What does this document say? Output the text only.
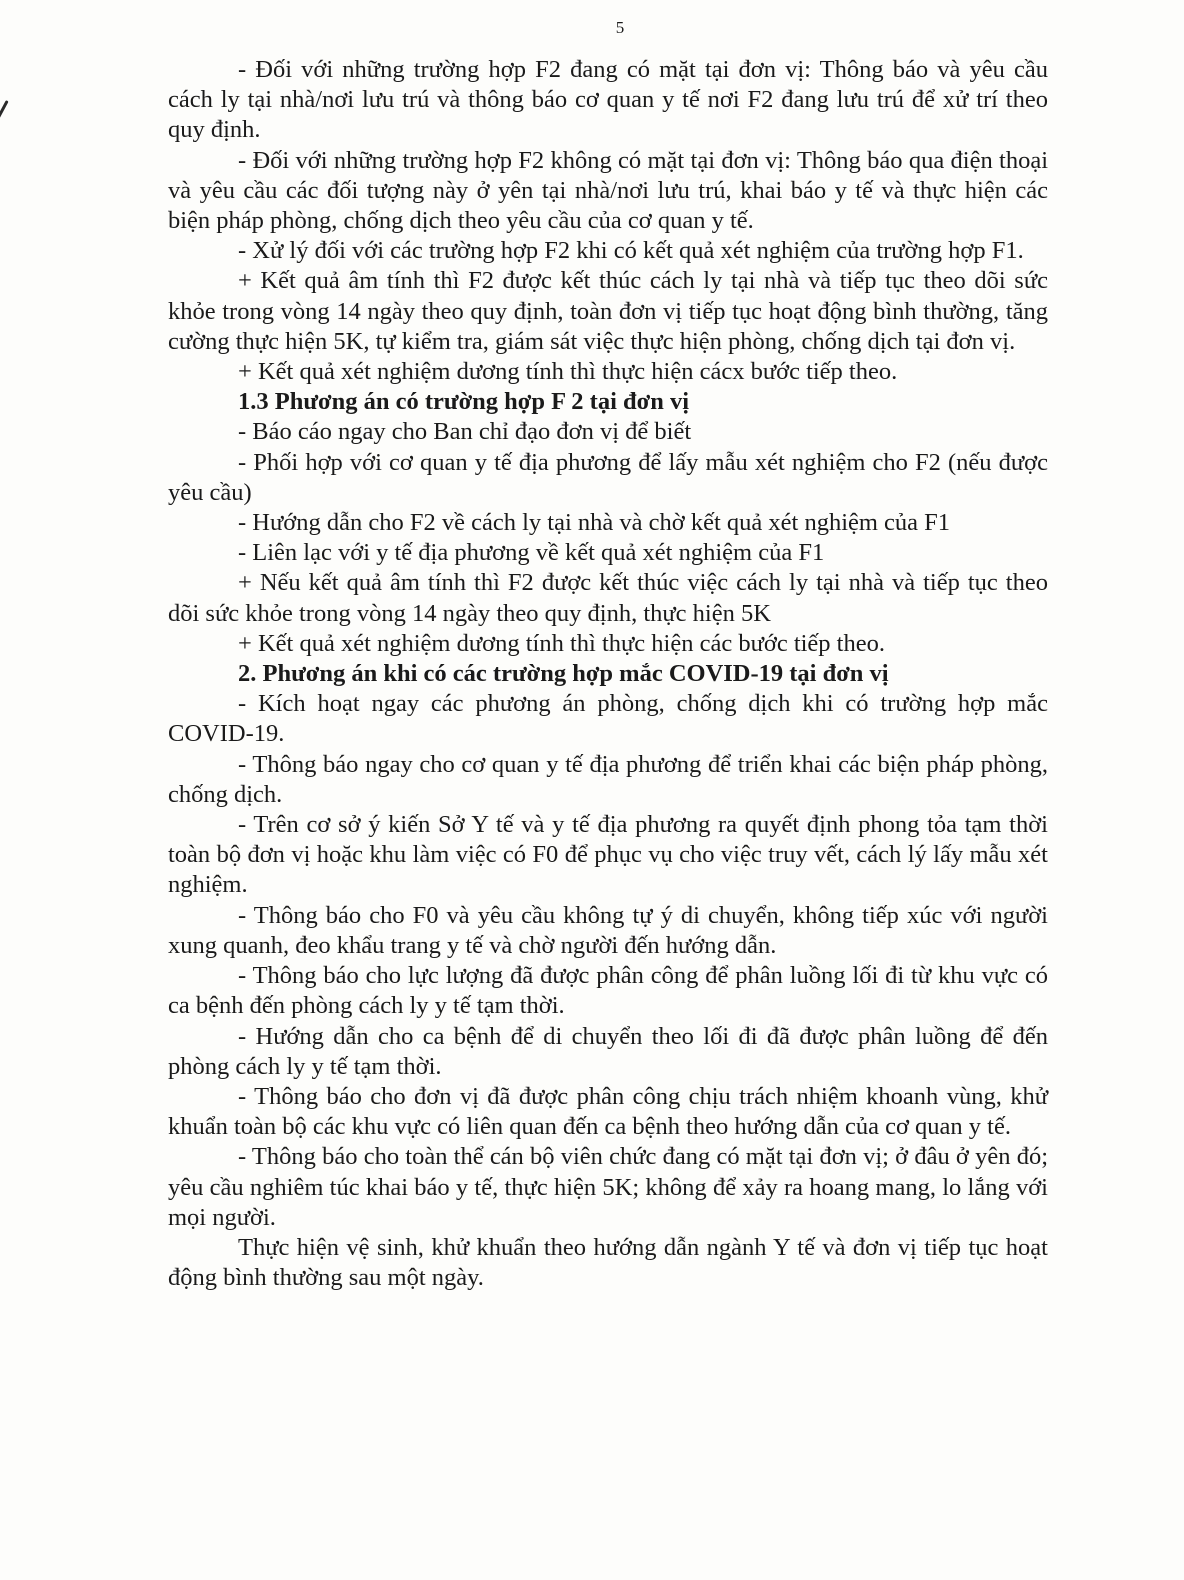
5

- Đối với những trường hợp F2 đang có mặt tại đơn vị: Thông báo và yêu cầu cách ly tại nhà/nơi lưu trú và thông báo cơ quan y tế nơi F2 đang lưu trú để xử trí theo quy định.

- Đối với những trường hợp F2 không có mặt tại đơn vị: Thông báo qua điện thoại và yêu cầu các đối tượng này ở yên tại nhà/nơi lưu trú, khai báo y tế và thực hiện các biện pháp phòng, chống dịch theo yêu cầu của cơ quan y tế.

- Xử lý đối với các trường hợp F2 khi có kết quả xét nghiệm của trường hợp F1.

+ Kết quả âm tính thì F2 được kết thúc cách ly tại nhà và tiếp tục theo dõi sức khỏe trong vòng 14 ngày theo quy định, toàn đơn vị tiếp tục hoạt động bình thường, tăng cường thực hiện 5K, tự kiểm tra, giám sát việc thực hiện phòng, chống dịch tại đơn vị.

+ Kết quả xét nghiệm dương tính thì thực hiện cácx bước tiếp theo.

1.3 Phương án có trường hợp F 2 tại đơn vị

- Báo cáo ngay cho Ban chỉ đạo đơn vị để biết

- Phối hợp với cơ quan y tế địa phương để lấy mẫu xét nghiệm cho F2 (nếu được yêu cầu)

- Hướng dẫn cho F2 về cách ly tại nhà và chờ kết quả xét nghiệm của F1

- Liên lạc với y tế địa phương về kết quả xét nghiệm của F1

+ Nếu kết quả âm tính thì F2 được kết thúc việc cách ly tại nhà và tiếp tục theo dõi sức khỏe trong vòng 14 ngày theo quy định, thực hiện 5K

+ Kết quả xét nghiệm dương tính thì thực hiện các bước tiếp theo.

2. Phương án khi có các trường hợp mắc COVID-19 tại đơn vị

- Kích hoạt ngay các phương án phòng, chống dịch khi có trường hợp mắc COVID-19.

- Thông báo ngay cho cơ quan y tế địa phương để triển khai các biện pháp phòng, chống dịch.

- Trên cơ sở ý kiến Sở Y tế và y tế địa phương ra quyết định phong tỏa tạm thời toàn bộ đơn vị hoặc khu làm việc có F0 để phục vụ cho việc truy vết, cách lý lấy mẫu xét nghiệm.

- Thông báo cho F0 và yêu cầu không tự ý di chuyển, không tiếp xúc với người xung quanh, đeo khẩu trang y tế và chờ người đến hướng dẫn.

- Thông báo cho lực lượng đã được phân công để phân luồng lối đi từ khu vực có ca bệnh đến phòng cách ly y tế tạm thời.

- Hướng dẫn cho ca bệnh để di chuyển theo lối đi đã được phân luồng để đến phòng cách ly y tế tạm thời.

- Thông báo cho đơn vị đã được phân công chịu trách nhiệm khoanh vùng, khử khuẩn toàn bộ các khu vực có liên quan đến ca bệnh theo hướng dẫn của cơ quan y tế.

- Thông báo cho toàn thể cán bộ viên chức đang có mặt tại đơn vị; ở đâu ở yên đó; yêu cầu nghiêm túc khai báo y tế, thực hiện 5K; không để xảy ra hoang mang, lo lắng với mọi người.

Thực hiện vệ sinh, khử khuẩn theo hướng dẫn ngành Y tế và đơn vị tiếp tục hoạt động bình thường sau một ngày.
